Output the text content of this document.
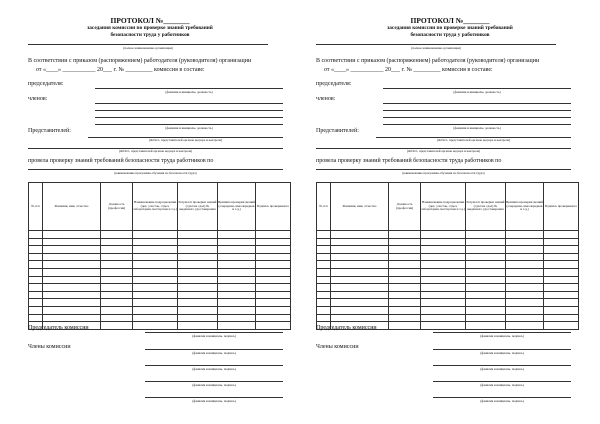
ПРОТОКОЛ №_______
заседания комиссии по проверке знаний требований
безопасности труда у работников
(полное наименование организации)
В соответствии с приказом (распоряжением) работодателя (руководителя) организации
от «____» ___________ 20___ г. № _________ комиссия в составе:
председателя:
(фамилия и инициалы, должность)
членов:
(фамилия и инициалы, должность)
Представителей:
(Ф.И.О., представителей органов надзора и контроля)
(Ф.И.О., представителей органов надзора и контроля)
провела проверку знаний требований безопасности труда работников по
(наименование программы обучения по безопасности труда)
№ п/п	Фамилия, имя, отчество	Должность (профессия)	Наименование подразделения (цех, участок, отдел, лаборатория, мастерская и т.д.)	Результат проверки знаний (сдал/не сдал) № выданного удостоверения	Причина проверки знаний (очередная, внеочередная и т.д.)	Подпись проверяемого

Председатель комиссии
(фамилия и инициалы, подпись)
Члены комиссии
(фамилия и инициалы, подпись)
(фамилия и инициалы, подпись)
(фамилия и инициалы, подпись)
(фамилия и инициалы, подпись)
ПРОТОКОЛ №_______
заседания комиссии по проверке знаний требований
безопасности труда у работников
(полное наименование организации)
В соответствии с приказом (распоряжением) работодателя (руководителя) организации
от «____» ___________ 20___ г. № _________ комиссия в составе:
председателя:
(фамилия и инициалы, должность)
членов:
(фамилия и инициалы, должность)
Представителей:
(Ф.И.О., представителей органов надзора и контроля)
(Ф.И.О., представителей органов надзора и контроля)
провела проверку знаний требований безопасности труда работников по
(наименование программы обучения по безопасности труда)
№ п/п	Фамилия, имя, отчество	Должность (профессия)	Наименование подразделения (цех, участок, отдел, лаборатория, мастерская и т.д.)	Результат проверки знаний (сдал/не сдал) № выданного удостоверения	Причина проверки знаний (очередная, внеочередная и т.д.)	Подпись проверяемого

Председатель комиссии
(фамилия и инициалы, подпись)
Члены комиссии
(фамилия и инициалы, подпись)
(фамилия и инициалы, подпись)
(фамилия и инициалы, подпись)
(фамилия и инициалы, подпись)
